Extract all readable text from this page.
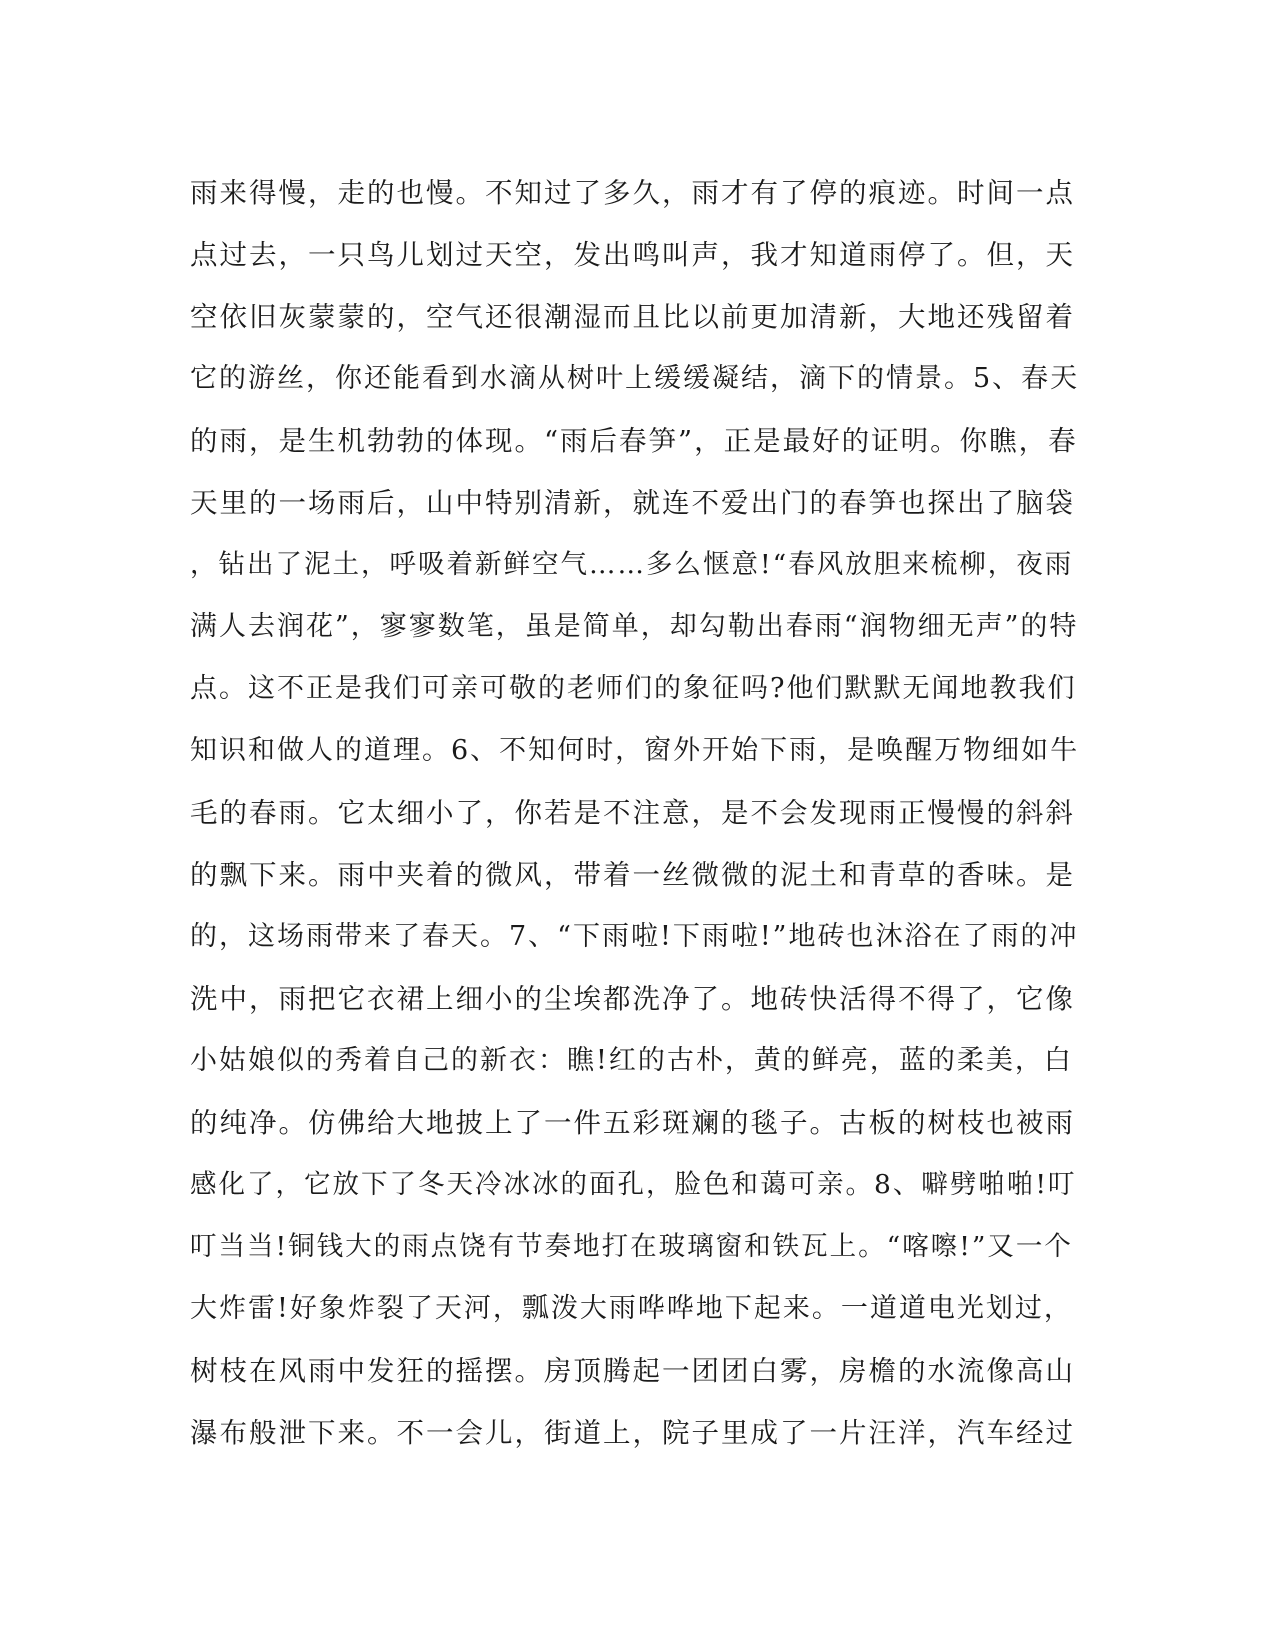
雨来得慢，走的也慢。不知过了多久，雨才有了停的痕迹。时间一点
点过去，一只鸟儿划过天空，发出鸣叫声，我才知道雨停了。但，天
空依旧灰蒙蒙的，空气还很潮湿而且比以前更加清新，大地还残留着
它的游丝，你还能看到水滴从树叶上缓缓凝结，滴下的情景。5、春天
的雨，是生机勃勃的体现。“雨后春笋”，正是最好的证明。你瞧，春
天里的一场雨后，山中特别清新，就连不爱出门的春笋也探出了脑袋
，钻出了泥土，呼吸着新鲜空气……多么惬意!“春风放胆来梳柳，夜雨
满人去润花”，寥寥数笔，虽是简单，却勾勒出春雨“润物细无声”的特
点。这不正是我们可亲可敬的老师们的象征吗?他们默默无闻地教我们
知识和做人的道理。6、不知何时，窗外开始下雨，是唤醒万物细如牛
毛的春雨。它太细小了，你若是不注意，是不会发现雨正慢慢的斜斜
的飘下来。雨中夹着的微风，带着一丝微微的泥土和青草的香味。是
的，这场雨带来了春天。7、“下雨啦!下雨啦!”地砖也沐浴在了雨的冲
洗中，雨把它衣裙上细小的尘埃都洗净了。地砖快活得不得了，它像
小姑娘似的秀着自己的新衣：瞧!红的古朴，黄的鲜亮，蓝的柔美，白
的纯净。仿佛给大地披上了一件五彩斑斓的毯子。古板的树枝也被雨
感化了，它放下了冬天冷冰冰的面孔，脸色和蔼可亲。8、噼劈啪啪!叮
叮当当!铜钱大的雨点饶有节奏地打在玻璃窗和铁瓦上。“喀嚓!”又一个
大炸雷!好象炸裂了天河，瓢泼大雨哗哗地下起来。一道道电光划过，
树枝在风雨中发狂的摇摆。房顶腾起一团团白雾，房檐的水流像高山
瀑布般泄下来。不一会儿，街道上，院子里成了一片汪洋，汽车经过
